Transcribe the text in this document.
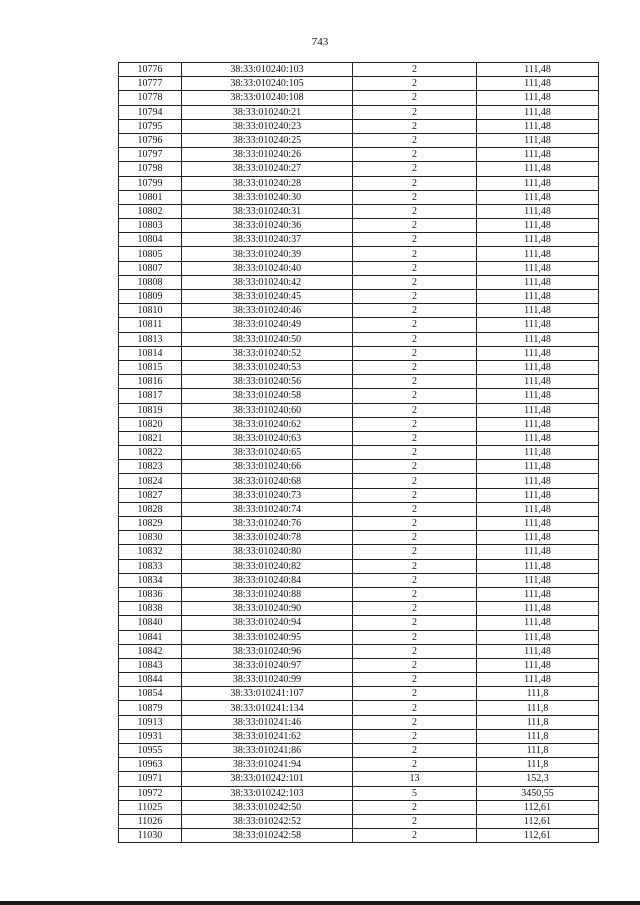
743
10776	38:33:010240:103	2	111,48
10777	38:33:010240:105	2	111,48
10778	38:33:010240:108	2	111,48
10794	38:33:010240:21	2	111,48
10795	38:33:010240:23	2	111,48
10796	38:33:010240:25	2	111,48
10797	38:33:010240:26	2	111,48
10798	38:33:010240:27	2	111,48
10799	38:33:010240:28	2	111,48
10801	38:33:010240:30	2	111,48
10802	38:33:010240:31	2	111,48
10803	38:33:010240:36	2	111,48
10804	38:33:010240:37	2	111,48
10805	38:33:010240:39	2	111,48
10807	38:33:010240:40	2	111,48
10808	38:33:010240:42	2	111,48
10809	38:33:010240:45	2	111,48
10810	38:33:010240:46	2	111,48
10811	38:33:010240:49	2	111,48
10813	38:33:010240:50	2	111,48
10814	38:33:010240:52	2	111,48
10815	38:33:010240:53	2	111,48
10816	38:33:010240:56	2	111,48
10817	38:33:010240:58	2	111,48
10819	38:33:010240:60	2	111,48
10820	38:33:010240:62	2	111,48
10821	38:33:010240:63	2	111,48
10822	38:33:010240:65	2	111,48
10823	38:33:010240:66	2	111,48
10824	38:33:010240:68	2	111,48
10827	38:33:010240:73	2	111,48
10828	38:33:010240:74	2	111,48
10829	38:33:010240:76	2	111,48
10830	38:33:010240:78	2	111,48
10832	38:33:010240:80	2	111,48
10833	38:33:010240:82	2	111,48
10834	38:33:010240:84	2	111,48
10836	38:33:010240:88	2	111,48
10838	38:33:010240:90	2	111,48
10840	38:33:010240:94	2	111,48
10841	38:33:010240:95	2	111,48
10842	38:33:010240:96	2	111,48
10843	38:33:010240:97	2	111,48
10844	38:33:010240:99	2	111,48
10854	38:33:010241:107	2	111,8
10879	38:33:010241:134	2	111,8
10913	38:33:010241:46	2	111,8
10931	38:33:010241:62	2	111,8
10955	38:33:010241:86	2	111,8
10963	38:33:010241:94	2	111,8
10971	38:33:010242:101	13	152,3
10972	38:33:010242:103	5	3450,55
11025	38:33:010242:50	2	112,61
11026	38:33:010242:52	2	112,61
11030	38:33:010242:58	2	112,61
